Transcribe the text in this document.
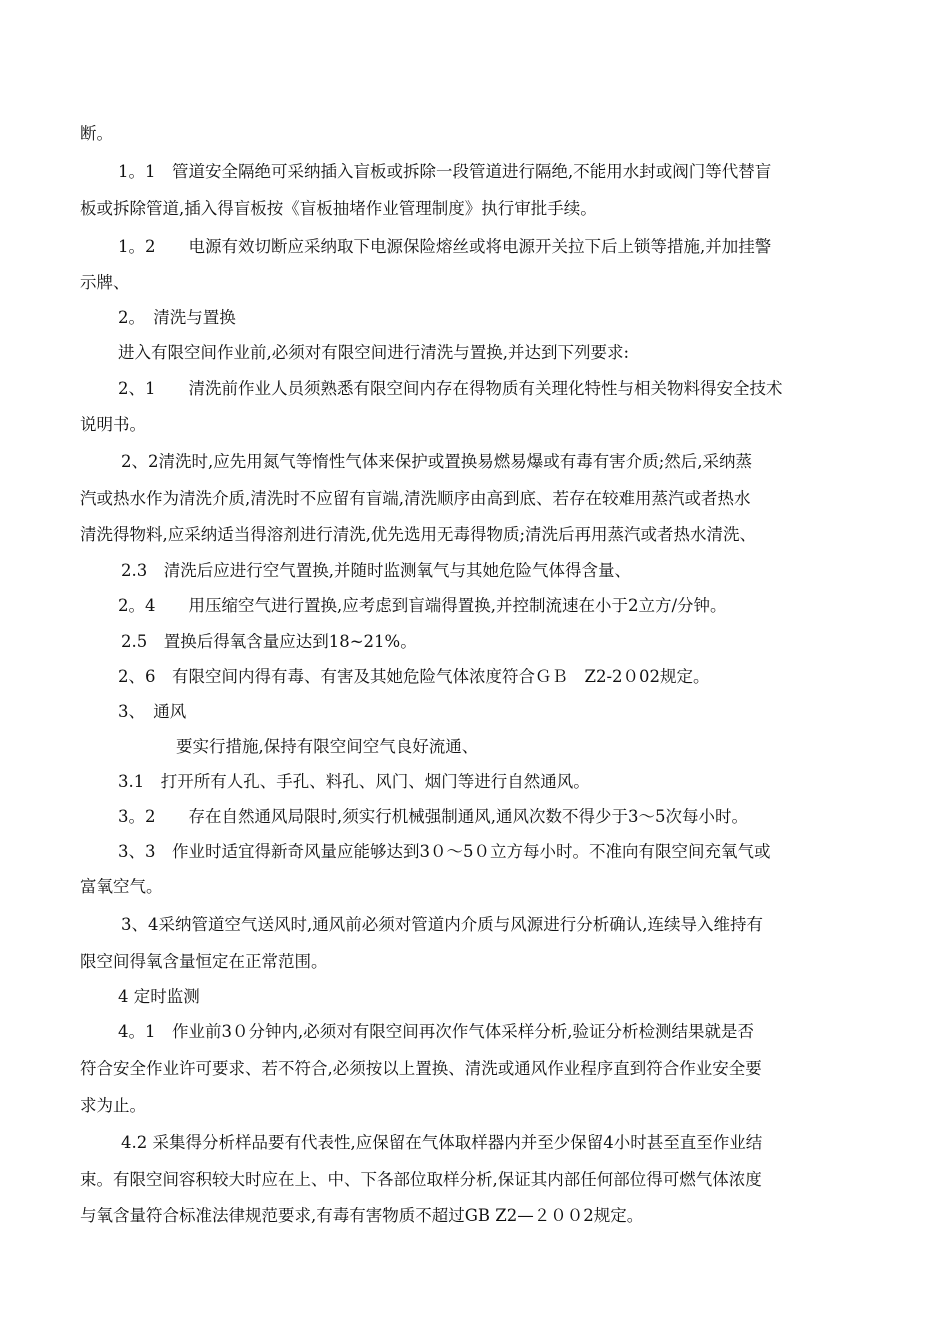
断。
1。1　管道安全隔绝可采纳插入盲板或拆除一段管道进行隔绝,不能用水封或阀门等代替盲
板或拆除管道,插入得盲板按《盲板抽堵作业管理制度》执行审批手续。
1。2　　电源有效切断应采纳取下电源保险熔丝或将电源开关拉下后上锁等措施,并加挂警
示牌、
2。　清洗与置换
进入有限空间作业前,必须对有限空间进行清洗与置换,并达到下列要求:
2、1　　清洗前作业人员须熟悉有限空间内存在得物质有关理化特性与相关物料得安全技术
说明书。
2、2清洗时,应先用氮气等惰性气体来保护或置换易燃易爆或有毒有害介质;然后,采纳蒸
汽或热水作为清洗介质,清洗时不应留有盲端,清洗顺序由高到底、若存在较难用蒸汽或者热水
清洗得物料,应采纳适当得溶剂进行清洗,优先选用无毒得物质;清洗后再用蒸汽或者热水清洗、
2.3　清洗后应进行空气置换,并随时监测氧气与其她危险气体得含量、
2。4　　用压缩空气进行置换,应考虑到盲端得置换,并控制流速在小于2立方/分钟。
2.5　置换后得氧含量应达到18~21%。
2、6　有限空间内得有毒、有害及其她危险气体浓度符合ＧＢ　Z2-2０02规定。
3、　通风
要实行措施,保持有限空间空气良好流通、
3.1　打开所有人孔、手孔、料孔、风门、烟门等进行自然通风。
3。2　　存在自然通风局限时,须实行机械强制通风,通风次数不得少于3～5次每小时。
3、3　作业时适宜得新奇风量应能够达到3０～5０立方每小时。不准向有限空间充氧气或
富氧空气。
3、4采纳管道空气送风时,通风前必须对管道内介质与风源进行分析确认,连续导入维持有
限空间得氧含量恒定在正常范围。
4 定时监测
4。1　作业前3０分钟内,必须对有限空间再次作气体采样分析,验证分析检测结果就是否
符合安全作业许可要求、若不符合,必须按以上置换、清洗或通风作业程序直到符合作业安全要
求为止。
4.2 采集得分析样品要有代表性,应保留在气体取样器内并至少保留4小时甚至直至作业结
束。有限空间容积较大时应在上、中、下各部位取样分析,保证其内部任何部位得可燃气体浓度
与氧含量符合标准法律规范要求,有毒有害物质不超过GB Z2—２００2规定。
